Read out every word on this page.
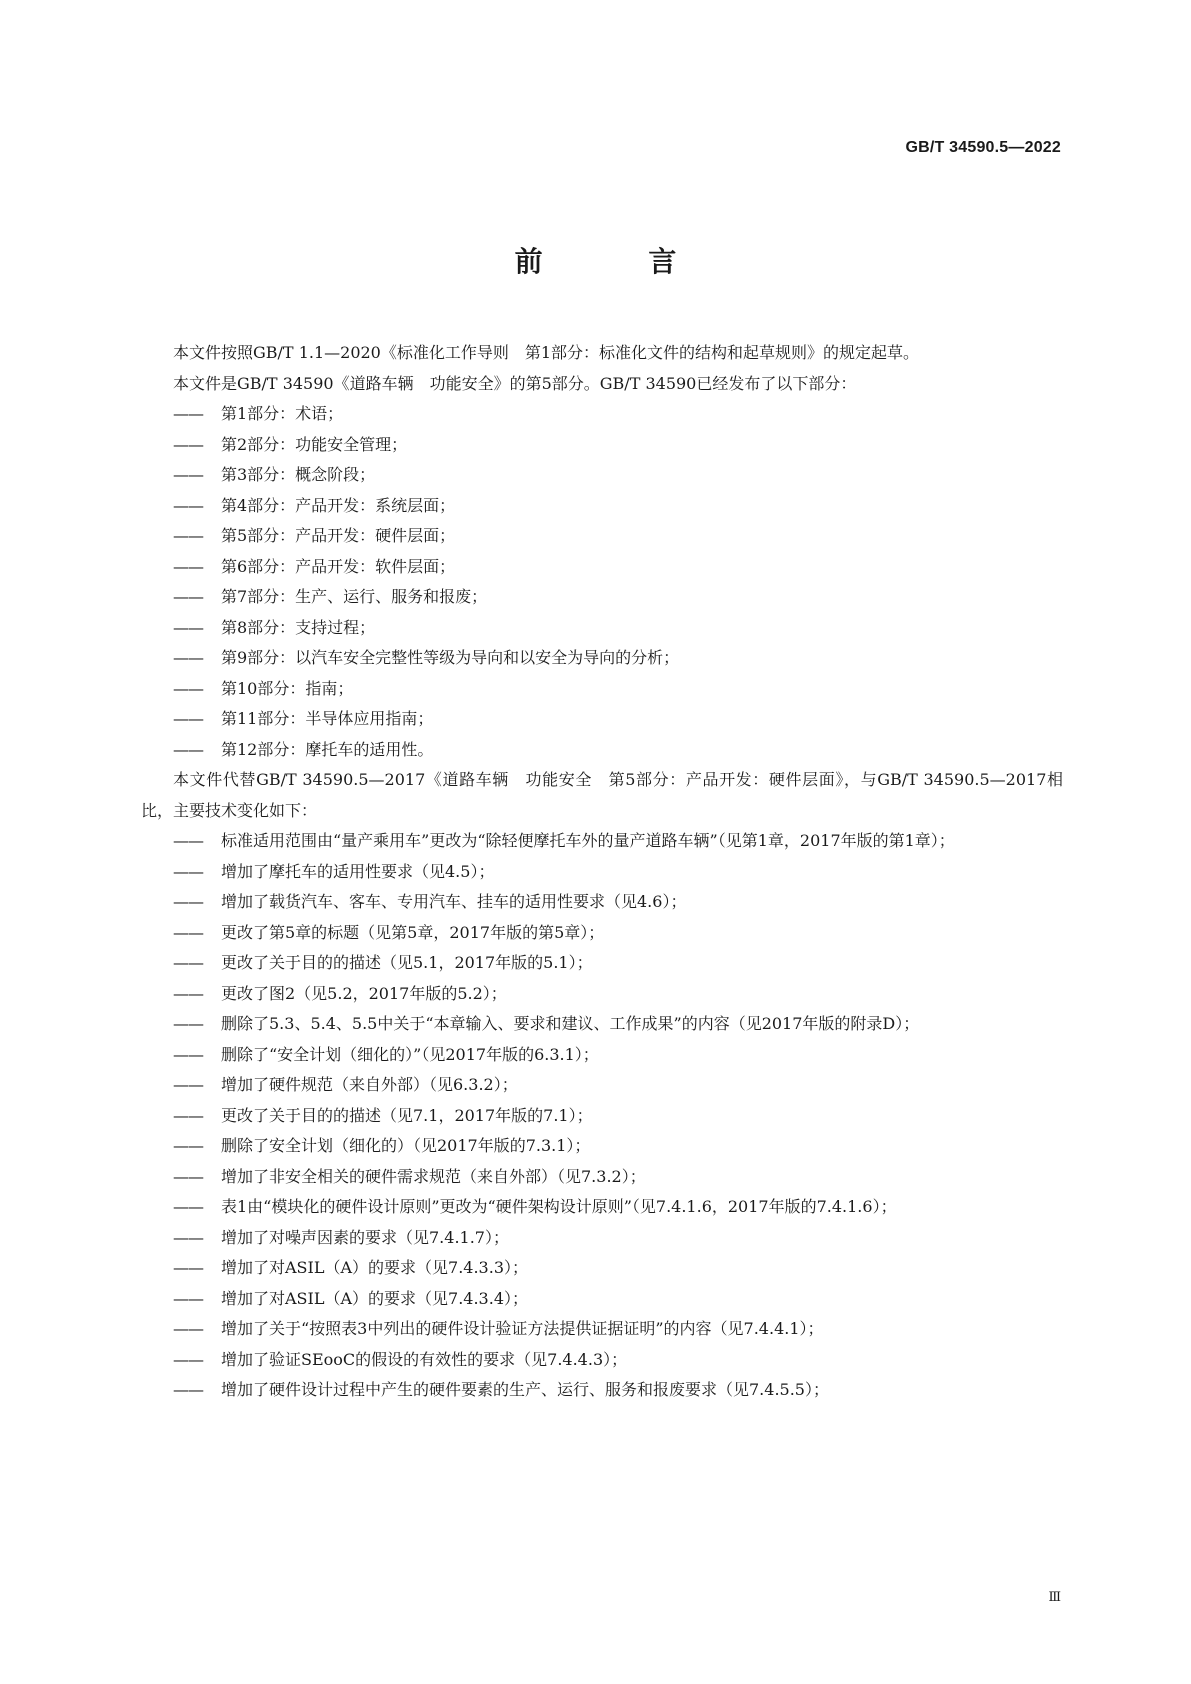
GB/T 34590.5—2022
前 言

本文件按照GB/T 1.1—2020《标准化工作导则　第1部分：标准化文件的结构和起草规则》的规定起草。

本文件是GB/T 34590《道路车辆　功能安全》的第5部分。GB/T 34590已经发布了以下部分：

—— 第1部分：术语；

—— 第2部分：功能安全管理；

—— 第3部分：概念阶段；

—— 第4部分：产品开发：系统层面；

—— 第5部分：产品开发：硬件层面；

—— 第6部分：产品开发：软件层面；

—— 第7部分：生产、运行、服务和报废；

—— 第8部分：支持过程；

—— 第9部分：以汽车安全完整性等级为导向和以安全为导向的分析；

—— 第10部分：指南；

—— 第11部分：半导体应用指南；

—— 第12部分：摩托车的适用性。

本文件代替GB/T 34590.5—2017《道路车辆　功能安全　第5部分：产品开发：硬件层面》，与GB/T 34590.5—2017相比，主要技术变化如下：

—— 标准适用范围由“量产乘用车”更改为“除轻便摩托车外的量产道路车辆”（见第1章，2017年版的第1章）；

—— 增加了摩托车的适用性要求（见4.5）；

—— 增加了载货汽车、客车、专用汽车、挂车的适用性要求（见4.6）；

—— 更改了第5章的标题（见第5章，2017年版的第5章）；

—— 更改了关于目的的描述（见5.1，2017年版的5.1）；

—— 更改了图2（见5.2，2017年版的5.2）；

—— 删除了5.3、5.4、5.5中关于“本章输入、要求和建议、工作成果”的内容（见2017年版的附录D）；

—— 删除了“安全计划（细化的）”（见2017年版的6.3.1）；

—— 增加了硬件规范（来自外部）（见6.3.2）；

—— 更改了关于目的的描述（见7.1，2017年版的7.1）；

—— 删除了安全计划（细化的）（见2017年版的7.3.1）；

—— 增加了非安全相关的硬件需求规范（来自外部）（见7.3.2）；

—— 表1由“模块化的硬件设计原则”更改为“硬件架构设计原则”（见7.4.1.6，2017年版的7.4.1.6）；

—— 增加了对噪声因素的要求（见7.4.1.7）；

—— 增加了对ASIL（A）的要求（见7.4.3.3）；

—— 增加了对ASIL（A）的要求（见7.4.3.4）；

—— 增加了关于“按照表3中列出的硬件设计验证方法提供证据证明”的内容（见7.4.4.1）；

—— 增加了验证SEooC的假设的有效性的要求（见7.4.4.3）；

—— 增加了硬件设计过程中产生的硬件要素的生产、运行、服务和报废要求（见7.4.5.5）；

Ⅲ
